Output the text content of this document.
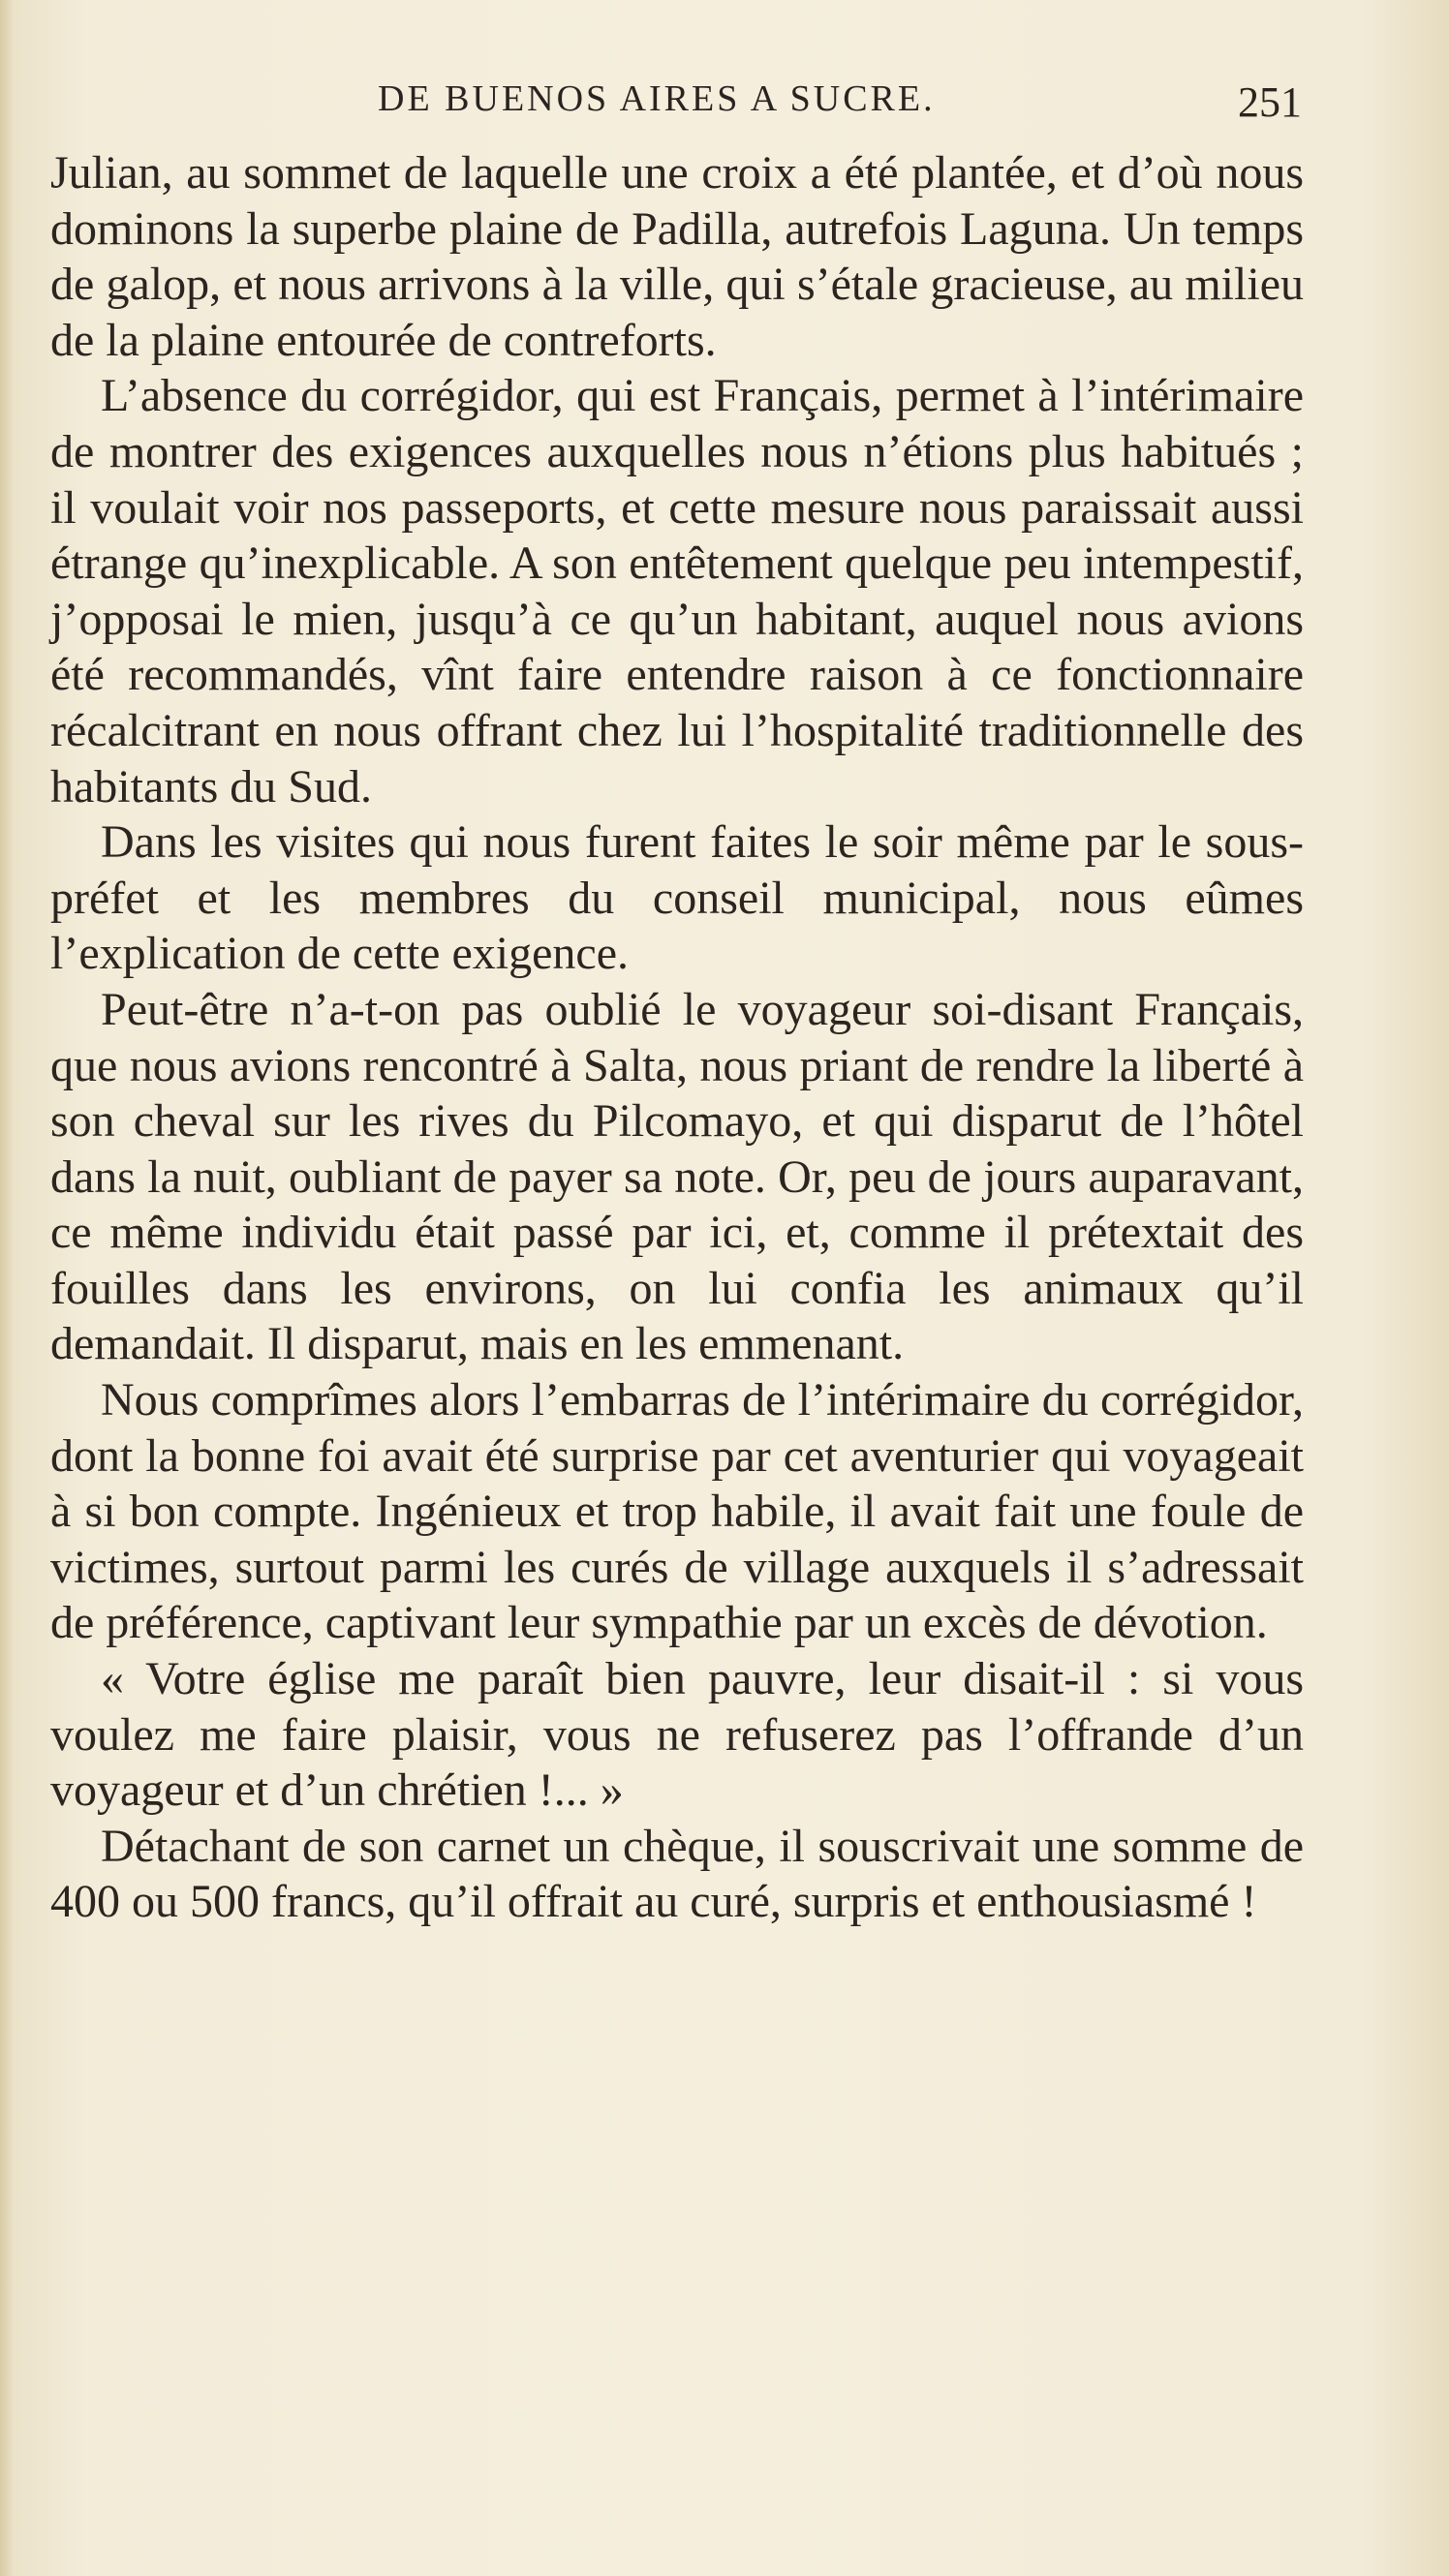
DE BUENOS AIRES A SUCRE.	251

Julian, au sommet de laquelle une croix a été plantée, et d’où nous dominons la superbe plaine de Padilla, autrefois Laguna. Un temps de galop, et nous arrivons à la ville, qui s’étale gracieuse, au milieu de la plaine entourée de contreforts.

L’absence du corrégidor, qui est Français, permet à l’intérimaire de montrer des exigences auxquelles nous n’étions plus habitués ; il voulait voir nos passeports, et cette mesure nous paraissait aussi étrange qu’inexplicable. A son entêtement quelque peu intempestif, j’opposai le mien, jusqu’à ce qu’un habitant, auquel nous avions été recommandés, vînt faire entendre raison à ce fonctionnaire récalcitrant en nous offrant chez lui l’hospitalité traditionnelle des habitants du Sud.

Dans les visites qui nous furent faites le soir même par le sous-préfet et les membres du conseil municipal, nous eûmes l’explication de cette exigence.

Peut-être n’a-t-on pas oublié le voyageur soi-disant Français, que nous avions rencontré à Salta, nous priant de rendre la liberté à son cheval sur les rives du Pilcomayo, et qui disparut de l’hôtel dans la nuit, oubliant de payer sa note. Or, peu de jours auparavant, ce même individu était passé par ici, et, comme il prétextait des fouilles dans les environs, on lui confia les animaux qu’il demandait. Il disparut, mais en les emmenant.

Nous comprîmes alors l’embarras de l’intérimaire du corrégidor, dont la bonne foi avait été surprise par cet aventurier qui voyageait à si bon compte. Ingénieux et trop habile, il avait fait une foule de victimes, surtout parmi les curés de village auxquels il s’adressait de préférence, captivant leur sympathie par un excès de dévotion.

« Votre église me paraît bien pauvre, leur disait-il : si vous voulez me faire plaisir, vous ne refuserez pas l’offrande d’un voyageur et d’un chrétien !... »

Détachant de son carnet un chèque, il souscrivait une somme de 400 ou 500 francs, qu’il offrait au curé, surpris et enthousiasmé !
